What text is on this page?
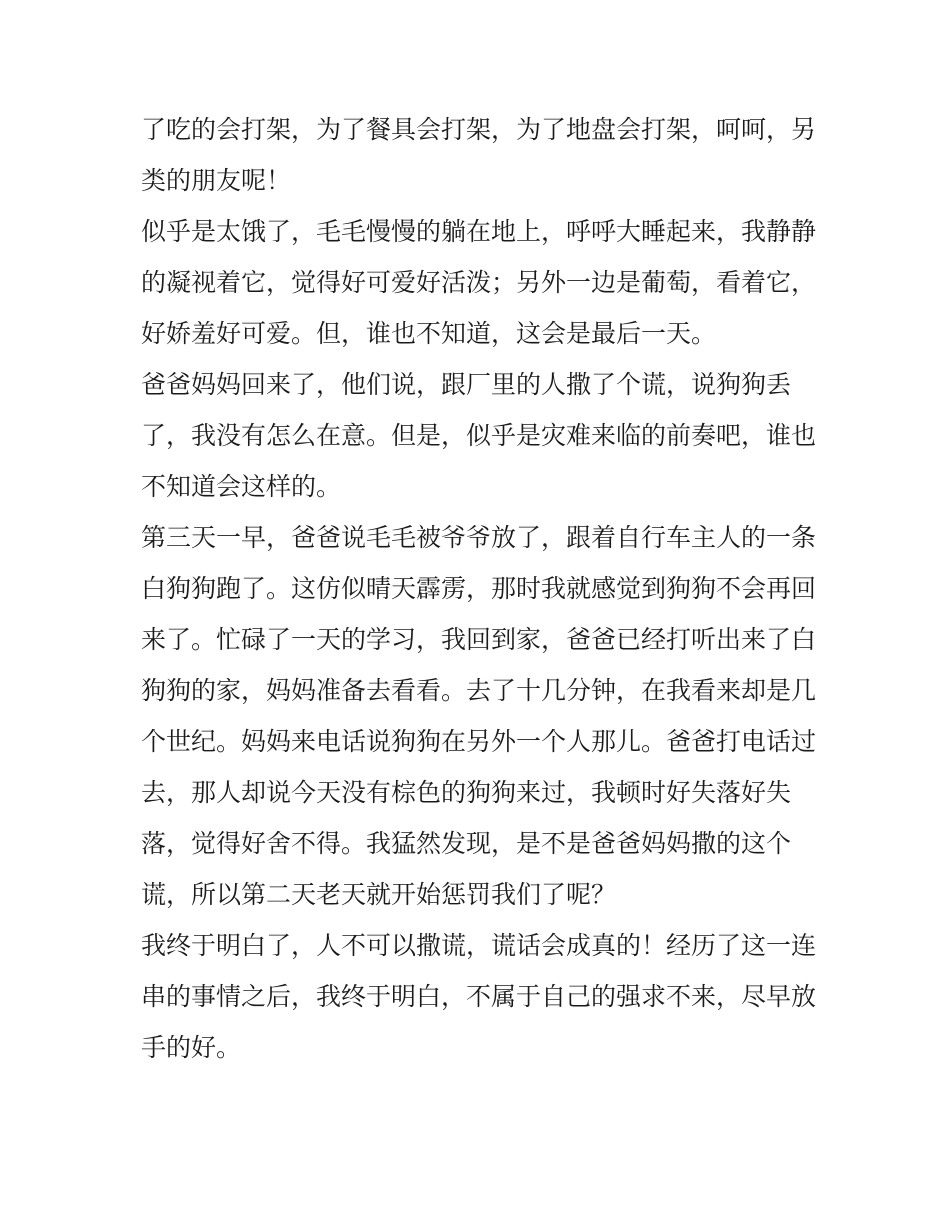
了吃的会打架，为了餐具会打架，为了地盘会打架，呵呵，另
类的朋友呢！
似乎是太饿了，毛毛慢慢的躺在地上，呼呼大睡起来，我静静
的凝视着它，觉得好可爱好活泼；另外一边是葡萄，看着它，
好娇羞好可爱。但，谁也不知道，这会是最后一天。
爸爸妈妈回来了，他们说，跟厂里的人撒了个谎，说狗狗丢
了，我没有怎么在意。但是，似乎是灾难来临的前奏吧，谁也
不知道会这样的。
第三天一早，爸爸说毛毛被爷爷放了，跟着自行车主人的一条
白狗狗跑了。这仿似晴天霹雳，那时我就感觉到狗狗不会再回
来了。忙碌了一天的学习，我回到家，爸爸已经打听出来了白
狗狗的家，妈妈准备去看看。去了十几分钟，在我看来却是几
个世纪。妈妈来电话说狗狗在另外一个人那儿。爸爸打电话过
去，那人却说今天没有棕色的狗狗来过，我顿时好失落好失
落，觉得好舍不得。我猛然发现，是不是爸爸妈妈撒的这个
谎，所以第二天老天就开始惩罚我们了呢？
我终于明白了，人不可以撒谎，谎话会成真的！经历了这一连
串的事情之后，我终于明白，不属于自己的强求不来，尽早放
手的好。
